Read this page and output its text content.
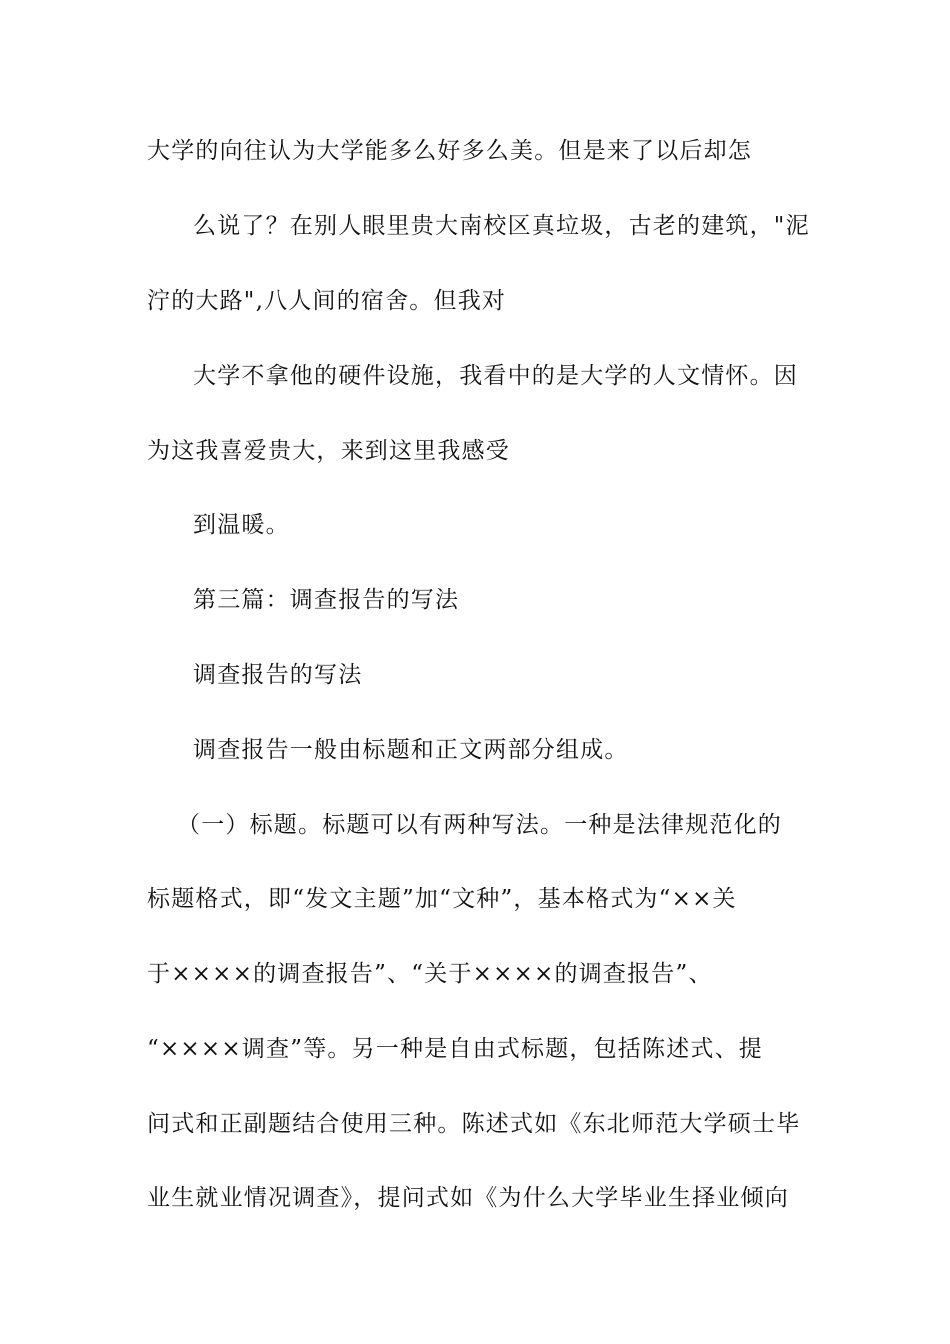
大学的向往认为大学能多么好多么美。但是来了以后却怎
么说了？在别人眼里贵大南校区真垃圾，古老的建筑，"泥
泞的大路",八人间的宿舍。但我对
大学不拿他的硬件设施，我看中的是大学的人文情怀。因
为这我喜爱贵大，来到这里我感受
到温暖。
第三篇：调查报告的写法
调查报告的写法
调查报告一般由标题和正文两部分组成。
（一）标题。标题可以有两种写法。一种是法律规范化的
标题格式，即“发文主题”加“文种”，基本格式为“××关
于××××的调查报告”、“关于××××的调查报告”、
“××××调查”等。另一种是自由式标题，包括陈述式、提
问式和正副题结合使用三种。陈述式如《东北师范大学硕士毕
业生就业情况调查》，提问式如《为什么大学毕业生择业倾向
